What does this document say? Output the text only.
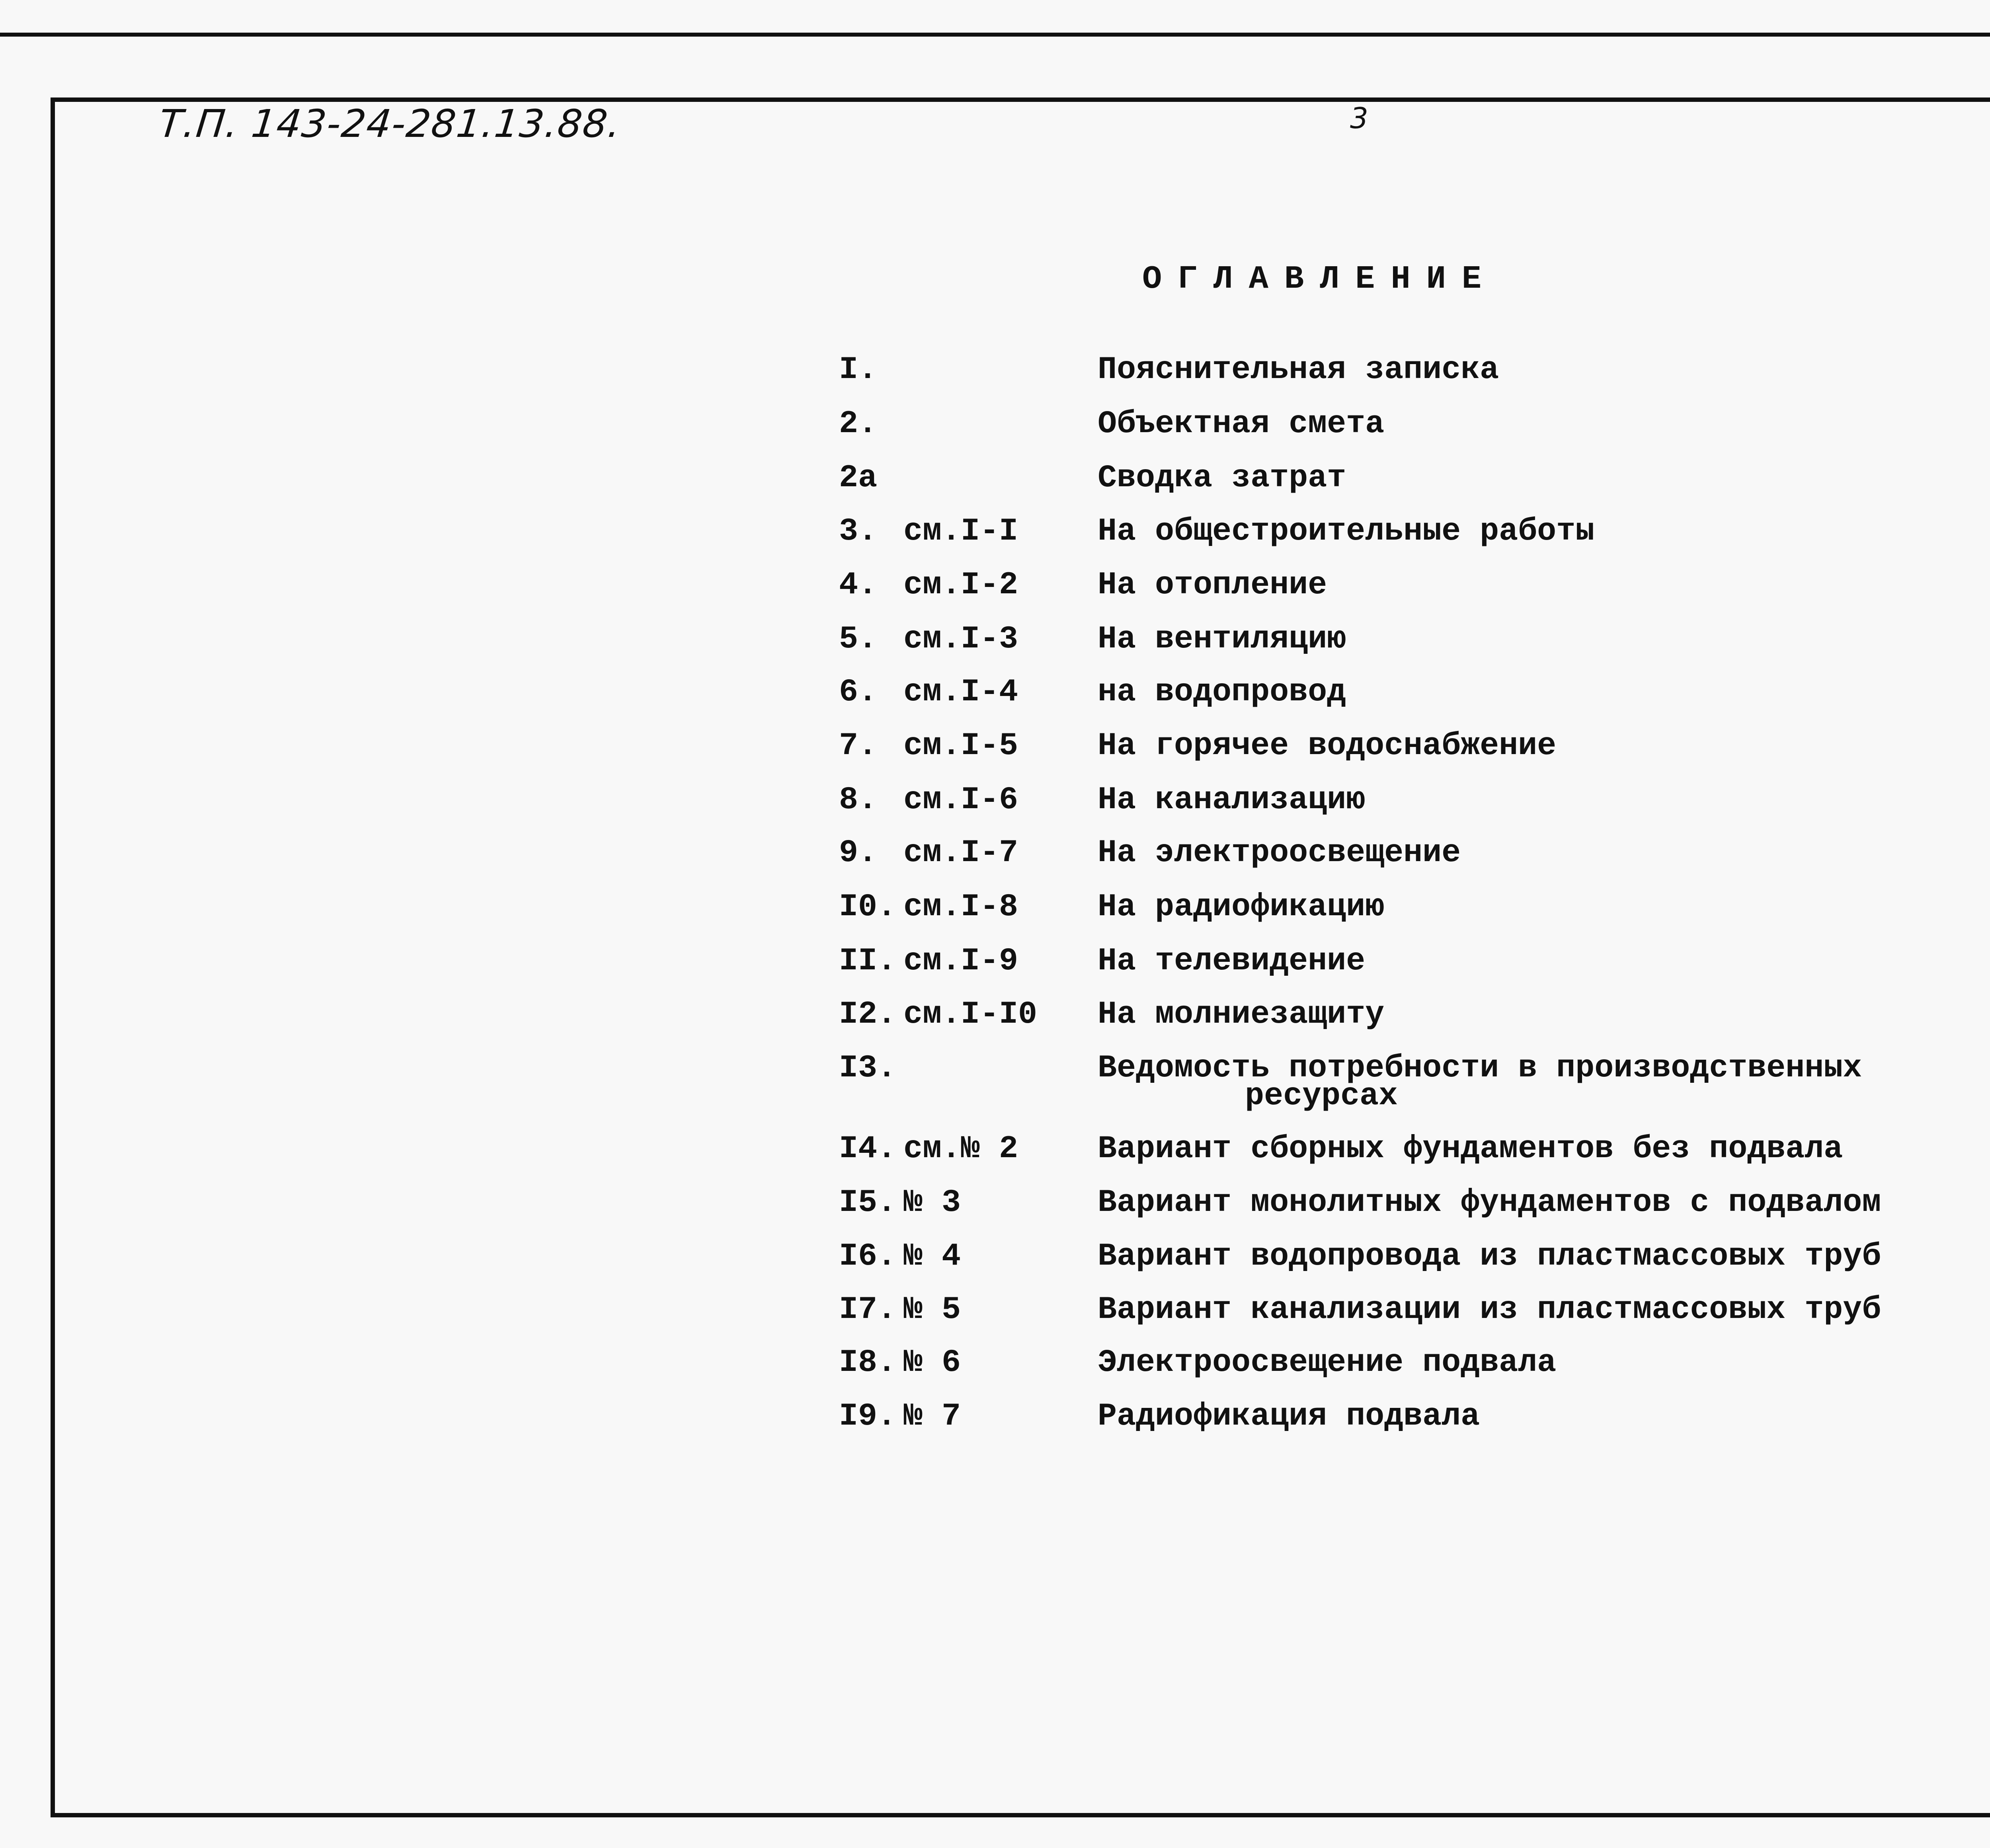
Т.П. 143-24-281.13.88.	3
ОГЛАВЛЕНИЕ
I.	Пояснительная записка
2.	Объектная смета
2а	Сводка затрат
3. см.I-I На общестроительные работы
4. см.I-2 На отопление
5. см.I-3 На вентиляцию
6. см.I-4 на водопровод
7. см.I-5 На горячее водоснабжение
8. см.I-6 На канализацию
9. см.I-7 На электроосвещение
I0. см.I-8 На радиофикацию
II. см.I-9 На телевидение
I2. см.I-I0 На молниезащиту
I3.	Ведомость потребности в производственных
ресурсах
I4. см.№ 2 Вариант сборных фундаментов без подвала
I5. № 3	Вариант монолитных фундаментов с подвалом
I6. № 4	Вариант водопровода из пластмассовых труб
I7. № 5	Вариант канализации из пластмассовых труб
I8. № 6	Электроосвещение подвала
I9. № 7	Радиофикация подвала
